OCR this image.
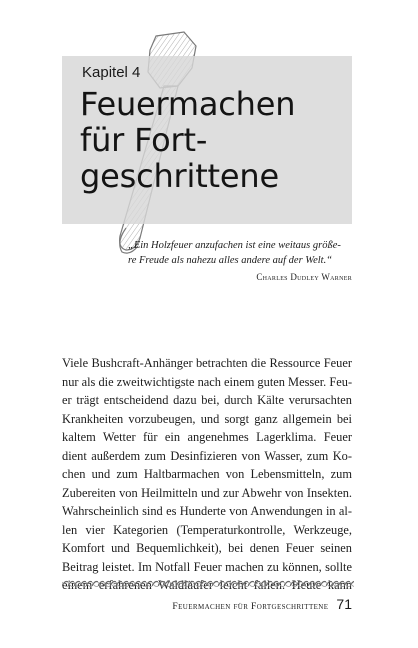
Kapitel 4
Feuermachen
für Fort-
geschrittene
„Ein Holzfeuer anzufachen ist eine weitaus größe-
re Freude als nahezu alles andere auf der Welt.“
Charles Dudley Warner
Viele Bushcraft-Anhänger betrachten die Ressource Feuer
nur als die zweitwichtigste nach einem guten Messer. Feu-
er trägt entscheidend dazu bei, durch Kälte verursachten
Krankheiten vorzubeugen, und sorgt ganz allgemein bei
kaltem Wetter für ein angenehmes Lagerklima. Feuer
dient außerdem zum Desinfizieren von Wasser, zum Ko-
chen und zum Haltbarmachen von Lebensmitteln, zum
Zubereiten von Heilmitteln und zur Abwehr von Insekten.
Wahrscheinlich sind es Hunderte von Anwendungen in al-
len vier Kategorien (Temperaturkontrolle, Werkzeuge,
Komfort und Bequemlichkeit), bei denen Feuer seinen
Beitrag leistet. Im Notfall Feuer machen zu können, sollte
Feuermachen für Fortgeschrittene 71
